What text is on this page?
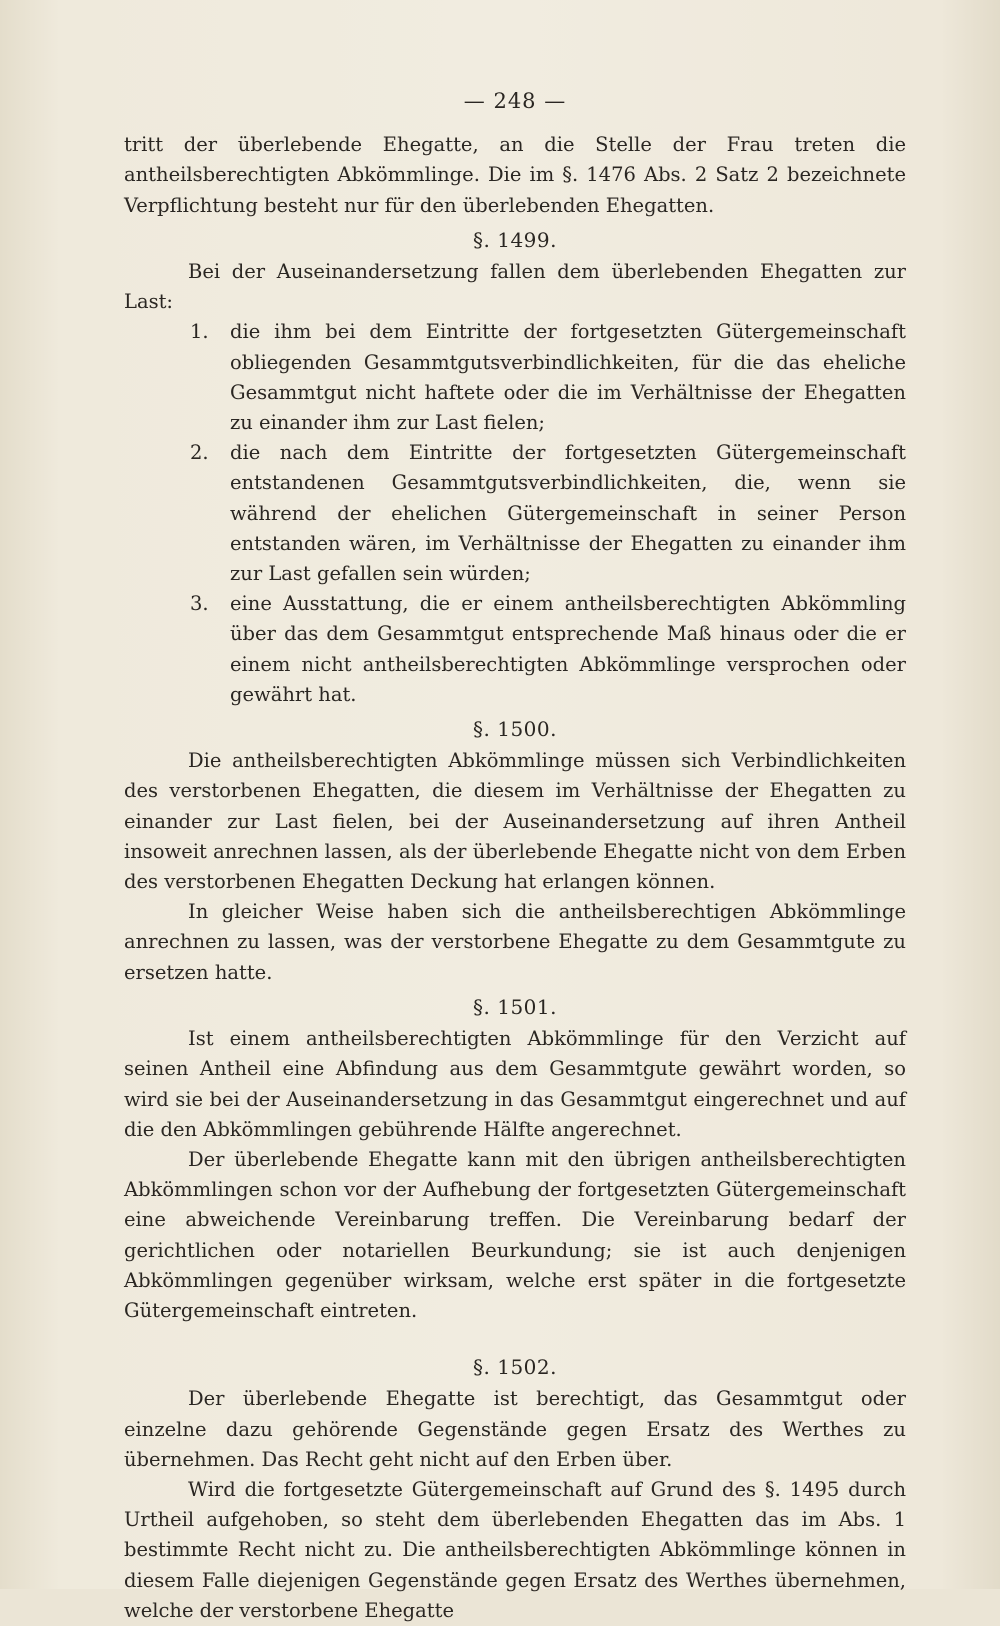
— 248 —

tritt der überlebende Ehegatte, an die Stelle der Frau treten die antheilsberechtigten Abkömmlinge. Die im §. 1476 Abs. 2 Satz 2 bezeichnete Verpflichtung besteht nur für den überlebenden Ehegatten.

§. 1499.

Bei der Auseinandersetzung fallen dem überlebenden Ehegatten zur Last:

1. die ihm bei dem Eintritte der fortgesetzten Gütergemeinschaft obliegenden Gesammtgutsverbindlichkeiten, für die das eheliche Gesammtgut nicht haftete oder die im Verhältnisse der Ehegatten zu einander ihm zur Last fielen;
2. die nach dem Eintritte der fortgesetzten Gütergemeinschaft entstandenen Gesammtgutsverbindlichkeiten, die, wenn sie während der ehelichen Gütergemeinschaft in seiner Person entstanden wären, im Verhältnisse der Ehegatten zu einander ihm zur Last gefallen sein würden;
3. eine Ausstattung, die er einem antheilsberechtigten Abkömmling über das dem Gesammtgut entsprechende Maß hinaus oder die er einem nicht antheilsberechtigten Abkömmlinge versprochen oder gewährt hat.
§. 1500.

Die antheilsberechtigten Abkömmlinge müssen sich Verbindlichkeiten des verstorbenen Ehegatten, die diesem im Verhältnisse der Ehegatten zu einander zur Last fielen, bei der Auseinandersetzung auf ihren Antheil insoweit anrechnen lassen, als der überlebende Ehegatte nicht von dem Erben des verstorbenen Ehegatten Deckung hat erlangen können.

In gleicher Weise haben sich die antheilsberechtigen Abkömmlinge anrechnen zu lassen, was der verstorbene Ehegatte zu dem Gesammtgute zu ersetzen hatte.

§. 1501.

Ist einem antheilsberechtigten Abkömmlinge für den Verzicht auf seinen Antheil eine Abfindung aus dem Gesammtgute gewährt worden, so wird sie bei der Auseinandersetzung in das Gesammtgut eingerechnet und auf die den Abkömmlingen gebührende Hälfte angerechnet.

Der überlebende Ehegatte kann mit den übrigen antheilsberechtigten Abkömmlingen schon vor der Aufhebung der fortgesetzten Gütergemeinschaft eine abweichende Vereinbarung treffen. Die Vereinbarung bedarf der gerichtlichen oder notariellen Beurkundung; sie ist auch denjenigen Abkömmlingen gegenüber wirksam, welche erst später in die fortgesetzte Gütergemeinschaft eintreten.

§. 1502.

Der überlebende Ehegatte ist berechtigt, das Gesammtgut oder einzelne dazu gehörende Gegenstände gegen Ersatz des Werthes zu übernehmen. Das Recht geht nicht auf den Erben über.

Wird die fortgesetzte Gütergemeinschaft auf Grund des §. 1495 durch Urtheil aufgehoben, so steht dem überlebenden Ehegatten das im Abs. 1 bestimmte Recht nicht zu. Die antheilsberechtigten Abkömmlinge können in diesem Falle diejenigen Gegenstände gegen Ersatz des Werthes übernehmen, welche der verstorbene Ehegatte
